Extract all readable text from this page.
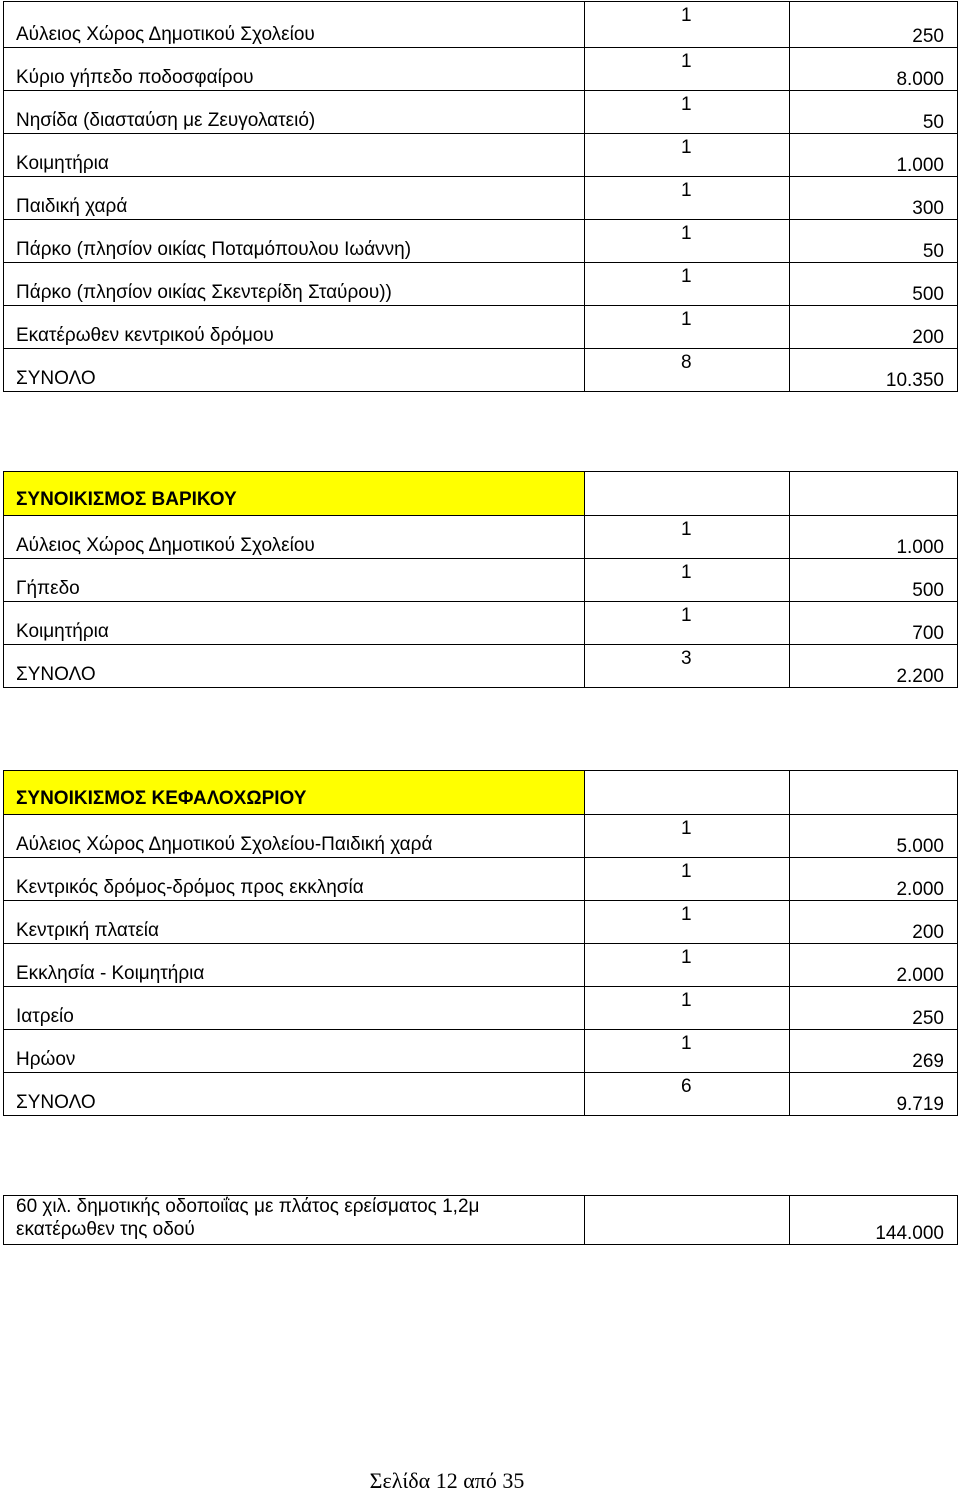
Αύλειος Χώρος Δημοτικού Σχολείου	1	250

Κύριο γήπεδο ποδοσφαίρου	1	8.000

Νησίδα (διασταύση με Ζευγολατειό)	1	50

Κοιμητήρια	1	1.000

Παιδική χαρά	1	300

Πάρκο (πλησίον οικίας Ποταμόπουλου Ιωάννη)	1	50

Πάρκο (πλησίον οικίας Σκεντερίδη Σταύρου))	1	500

Εκατέρωθεν κεντρικού δρόμου	1	200

ΣΥΝΟΛΟ	8	10.350
ΣΥΝΟΙΚΙΣΜΟΣ ΒΑΡΙΚΟΥ		

Αύλειος Χώρος Δημοτικού Σχολείου	1	1.000

Γήπεδο	1	500

Κοιμητήρια	1	700

ΣΥΝΟΛΟ	3	2.200
ΣΥΝΟΙΚΙΣΜΟΣ ΚΕΦΑΛΟΧΩΡΙΟΥ		

Αύλειος Χώρος Δημοτικού Σχολείου-Παιδική χαρά	1	5.000

Κεντρικός δρόμος-δρόμος προς εκκλησία	1	2.000

Κεντρική πλατεία	1	200

Εκκλησία - Κοιμητήρια	1	2.000

Ιατρείο	1	250

Ηρώον	1	269

ΣΥΝΟΛΟ	6	9.719
60 χιλ. δημοτικής οδοποιΐας με πλάτος ερείσματος 1,2μ
εκατέρωθεν της οδού		144.000
Σελίδα 12 από 35
